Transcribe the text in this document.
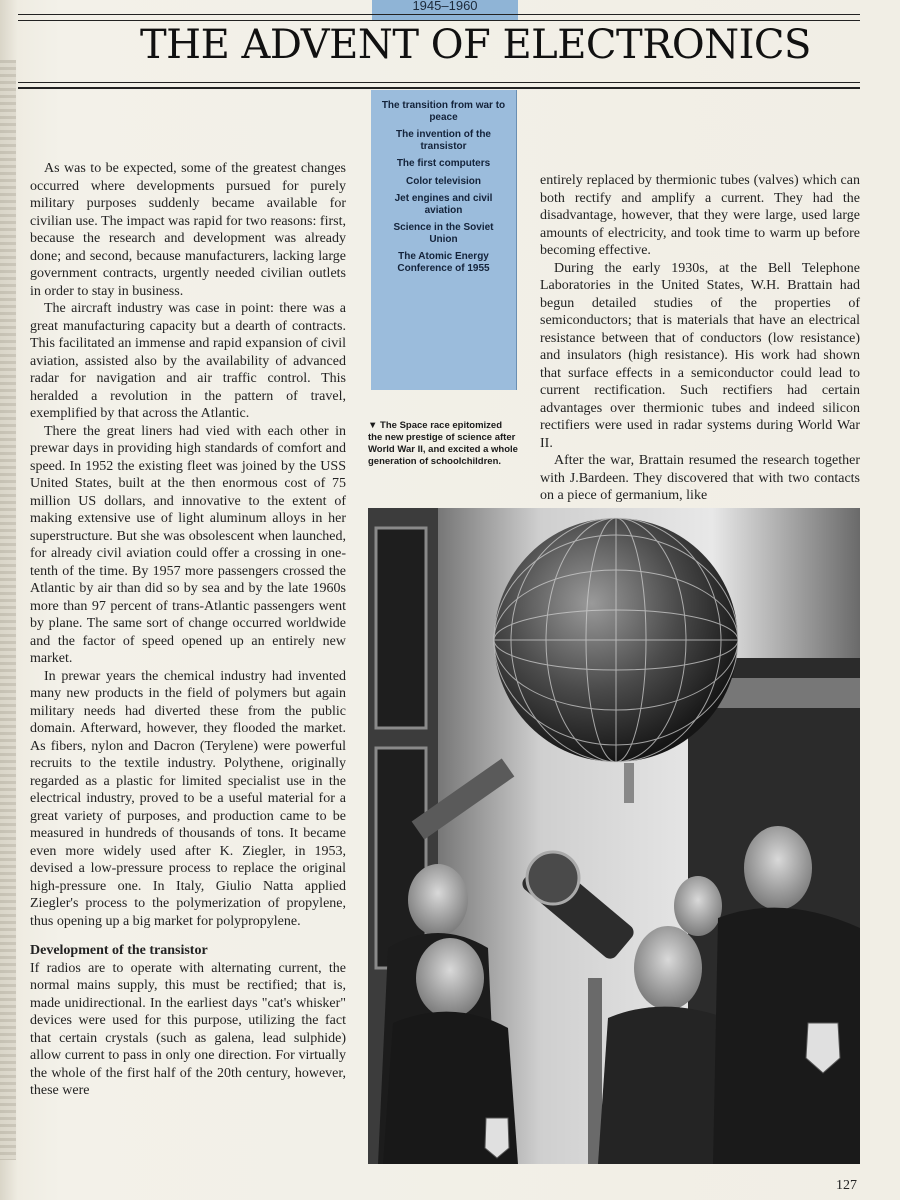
1945–1960
THE ADVENT OF ELECTRONICS
The transition from war to peace
The invention of the transistor
The first computers
Color television
Jet engines and civil aviation
Science in the Soviet Union
The Atomic Energy Conference of 1955
▼ The Space race epitomized the new prestige of science after World War II, and excited a whole generation of schoolchildren.

As was to be expected, some of the greatest changes occurred where developments pursued for purely military purposes suddenly became available for civilian use. The impact was rapid for two reasons: first, because the research and development was already done; and second, because manufacturers, lacking large government contracts, urgently needed civilian outlets in order to stay in business.

The aircraft industry was case in point: there was a great manufacturing capacity but a dearth of contracts. This facilitated an immense and rapid expansion of civil aviation, assisted also by the availability of advanced radar for navigation and air traffic control. This heralded a revolution in the pattern of travel, exemplified by that across the Atlantic.

There the great liners had vied with each other in prewar days in providing high standards of comfort and speed. In 1952 the existing fleet was joined by the USS United States, built at the then enormous cost of 75 million US dollars, and innovative to the extent of making extensive use of light aluminum alloys in her superstructure. But she was obsolescent when launched, for already civil aviation could offer a crossing in one-tenth of the time. By 1957 more passengers crossed the Atlantic by air than did so by sea and by the late 1960s more than 97 percent of trans-Atlantic passengers went by plane. The same sort of change occurred worldwide and the factor of speed opened up an entirely new market.

In prewar years the chemical industry had invented many new products in the field of polymers but again military needs had diverted these from the public domain. Afterward, however, they flooded the market. As fibers, nylon and Dacron (Terylene) were powerful recruits to the textile industry. Polythene, originally regarded as a plastic for limited specialist use in the electrical industry, proved to be a useful material for a great variety of purposes, and production came to be measured in hundreds of thousands of tons. It became even more widely used after K. Ziegler, in 1953, devised a low-pressure process to replace the original high-pressure one. In Italy, Giulio Natta applied Ziegler's process to the polymerization of propylene, thus opening up a big market for polypropylene.

Development of the transistor

If radios are to operate with alternating current, the normal mains supply, this must be rectified; that is, made unidirectional. In the earliest days "cat's whisker" devices were used for this purpose, utilizing the fact that certain crystals (such as galena, lead sulphide) allow current to pass in only one direction. For virtually the whole of the first half of the 20th century, however, these were

entirely replaced by thermionic tubes (valves) which can both rectify and amplify a current. They had the disadvantage, however, that they were large, used large amounts of electricity, and took time to warm up before becoming effective.

During the early 1930s, at the Bell Telephone Laboratories in the United States, W.H. Brattain had begun detailed studies of the properties of semiconductors; that is materials that have an electrical resistance between that of conductors (low resistance) and insulators (high resistance). His work had shown that surface effects in a semiconductor could lead to current rectification. Such rectifiers had certain advantages over thermionic tubes and indeed silicon rectifiers were used in radar systems during World War II.

After the war, Brattain resumed the research together with J.Bardeen. They discovered that with two contacts on a piece of germanium, like

127
